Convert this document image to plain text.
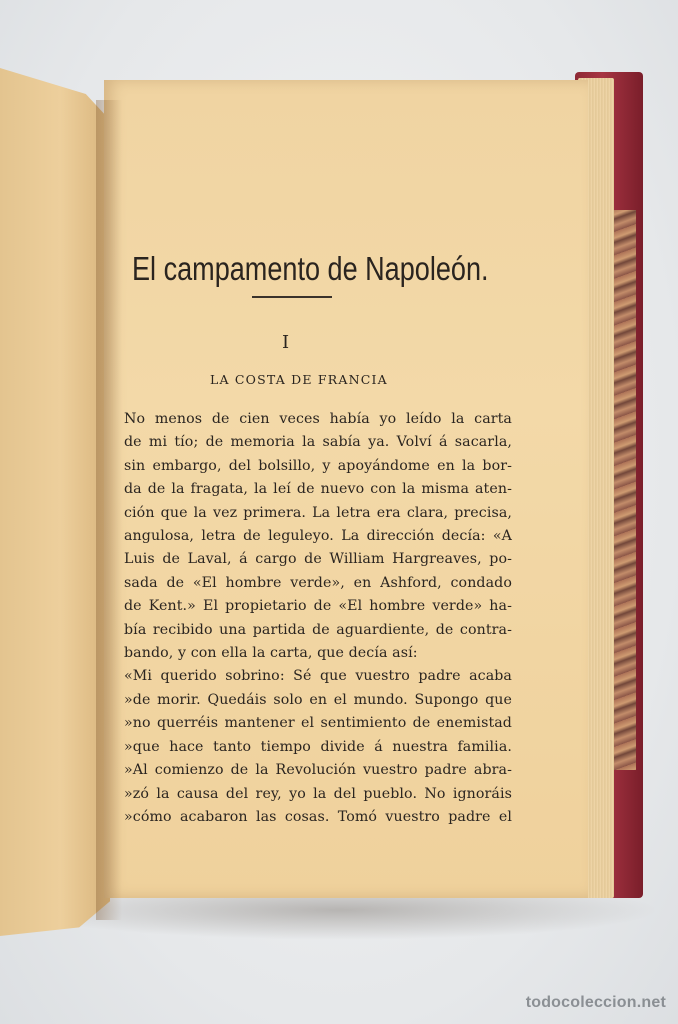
El campamento de Napoleón.
I
LA COSTA DE FRANCIA
No menos de cien veces había yo leído la carta
de mi tío; de memoria la sabía ya. Volví á sacarla,
sin embargo, del bolsillo, y apoyándome en la bor-
da de la fragata, la leí de nuevo con la misma aten-
ción que la vez primera. La letra era clara, precisa,
angulosa, letra de leguleyo. La dirección decía: «A
Luis de Laval, á cargo de William Hargreaves, po-
sada de «El hombre verde», en Ashford, condado
de Kent.» El propietario de «El hombre verde» ha-
bía recibido una partida de aguardiente, de contra-
bando, y con ella la carta, que decía así:
«Mi querido sobrino: Sé que vuestro padre acaba
»de morir. Quedáis solo en el mundo. Supongo que
»no querréis mantener el sentimiento de enemistad
»que hace tanto tiempo divide á nuestra familia.
»Al comienzo de la Revolución vuestro padre abra-
»zó la causa del rey, yo la del pueblo. No ignoráis
»cómo acabaron las cosas. Tomó vuestro padre el
todocoleccion.net
